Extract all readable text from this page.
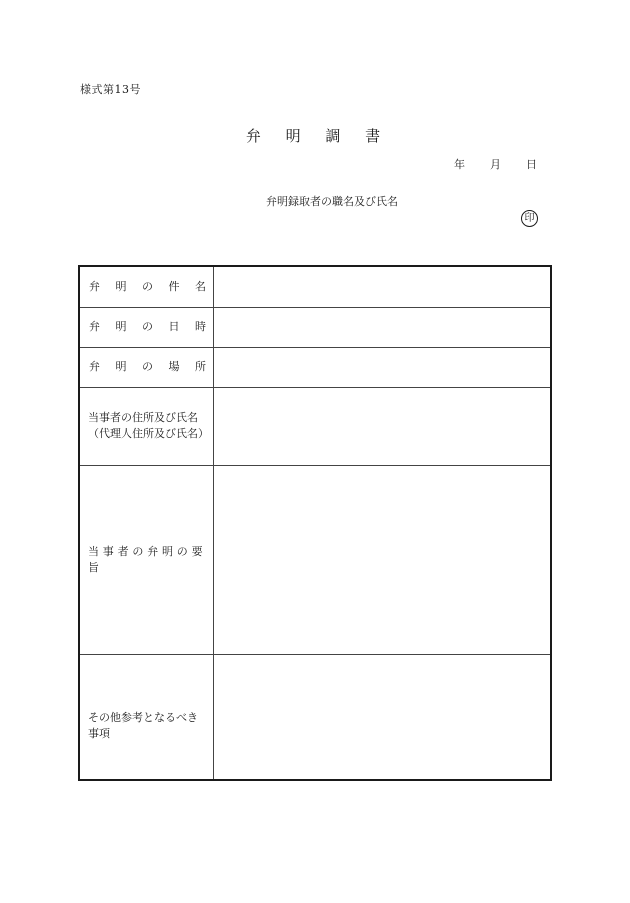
様式第13号
弁 明 調 書
年	月	日
弁明録取者の職名及び氏名
印
弁 明 の 件 名
弁 明 の 日 時
弁 明 の 場 所
当事者の住所及び氏名
（代理人住所及び氏名）
当事者の弁明の要旨
その他参考となるべき
事項
